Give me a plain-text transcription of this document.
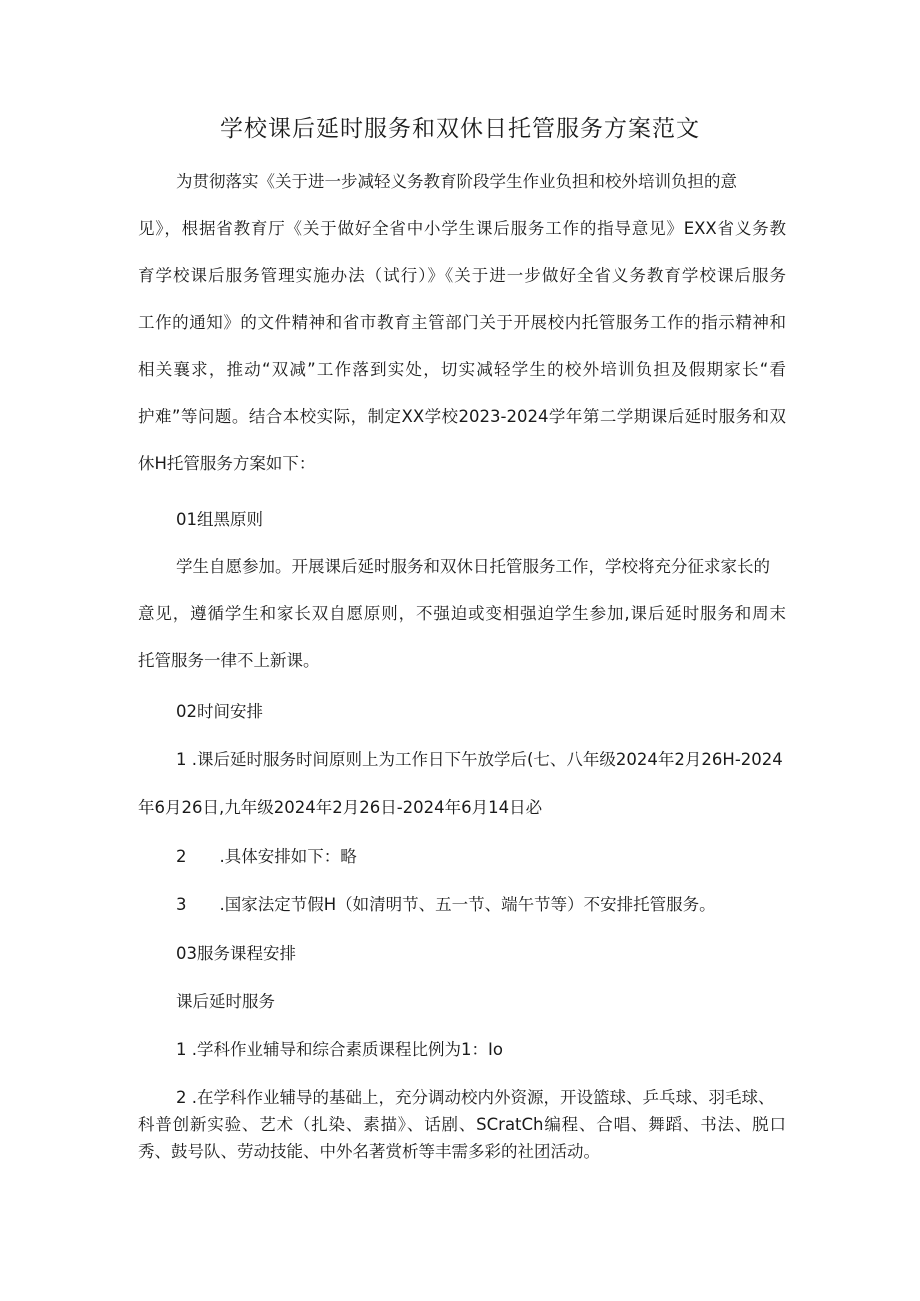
学校课后延时服务和双休日托管服务方案范文
为贯彻落实《关于进一步减轻义务教育阶段学生作业负担和校外培训负担的意
见》，根据省教育厅《关于做好全省中小学生课后服务工作的指导意见》EXX省义务教
育学校课后服务管理实施办法（试行）》《关于进一步做好全省义务教育学校课后服务
工作的通知》的文件精神和省市教育主管部门关于开展校内托管服务工作的指示精神和
相关襄求，推动“双减”工作落到实处，切实减轻学生的校外培训负担及假期家长“看
护难”等问题。结合本校实际，制定XX学校2023-2024学年第二学期课后延时服务和双
休H托管服务方案如下：
01组黑原则
学生自愿参加。开展课后延时服务和双休日托管服务工作，学校将充分征求家长的
意见，遵循学生和家长双自愿原则，不强迫或变相强迫学生参加,课后延时服务和周末
托管服务一律不上新课。
02时间安排
1 .课后延时服务时间原则上为工作日下午放学后(七、八年级2024年2月26H-2024
年6月26日,九年级2024年2月26日-2024年6月14日必
2　　.具体安排如下：略
3　　.国家法定节假H（如清明节、五一节、端午节等）不安排托管服务。
03服务课程安排
课后延时服务
1 .学科作业辅导和综合素质课程比例为1：Io
2 .在学科作业辅导的基础上，充分调动校内外资源，开设篮球、乒乓球、羽毛球、
科普创新实验、艺术（扎染、素描》、话剧、SCratCh编程、合唱、舞蹈、书法、脱口
秀、鼓号队、劳动技能、中外名著赏析等丰需多彩的社团活动。
